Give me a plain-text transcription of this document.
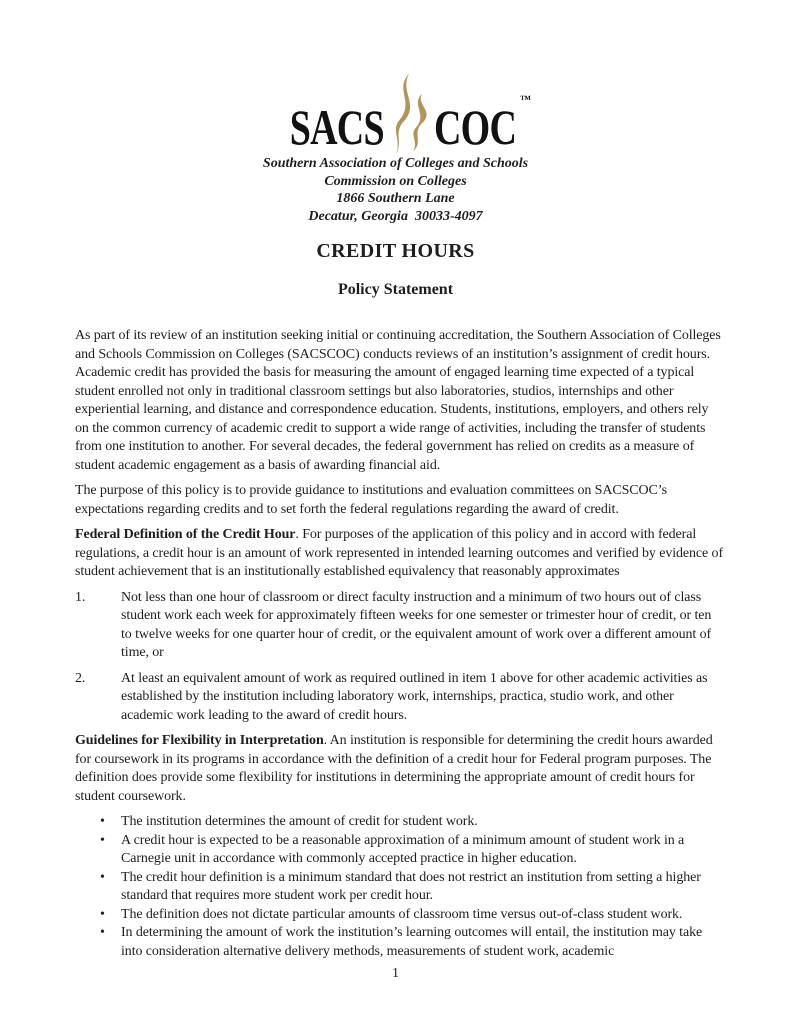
SACS COC ™
Southern Association of Colleges and Schools
Commission on Colleges
1866 Southern Lane
Decatur, Georgia  30033-4097
CREDIT HOURS
Policy Statement

As part of its review of an institution seeking initial or continuing accreditation, the Southern Association of Colleges and Schools Commission on Colleges (SACSCOC) conducts reviews of an institution’s assignment of credit hours. Academic credit has provided the basis for measuring the amount of engaged learning time expected of a typical student enrolled not only in traditional classroom settings but also laboratories, studios, internships and other experiential learning, and distance and correspondence education. Students, institutions, employers, and others rely on the common currency of academic credit to support a wide range of activities, including the transfer of students from one institution to another. For several decades, the federal government has relied on credits as a measure of student academic engagement as a basis of awarding financial aid.

The purpose of this policy is to provide guidance to institutions and evaluation committees on SACSCOC’s expectations regarding credits and to set forth the federal regulations regarding the award of credit.

Federal Definition of the Credit Hour. For purposes of the application of this policy and in accord with federal regulations, a credit hour is an amount of work represented in intended learning outcomes and verified by evidence of student achievement that is an institutionally established equivalency that reasonably approximates

1.	Not less than one hour of classroom or direct faculty instruction and a minimum of two hours out of class student work each week for approximately fifteen weeks for one semester or trimester hour of credit, or ten to twelve weeks for one quarter hour of credit, or the equivalent amount of work over a different amount of time, or
2.	At least an equivalent amount of work as required outlined in item 1 above for other academic activities as established by the institution including laboratory work, internships, practica, studio work, and other academic work leading to the award of credit hours.

Guidelines for Flexibility in Interpretation. An institution is responsible for determining the credit hours awarded for coursework in its programs in accordance with the definition of a credit hour for Federal program purposes. The definition does provide some flexibility for institutions in determining the appropriate amount of credit hours for student coursework.

•	The institution determines the amount of credit for student work.
•	A credit hour is expected to be a reasonable approximation of a minimum amount of student work in a Carnegie unit in accordance with commonly accepted practice in higher education.
•	The credit hour definition is a minimum standard that does not restrict an institution from setting a higher standard that requires more student work per credit hour.
•	The definition does not dictate particular amounts of classroom time versus out-of-class student work.
•	In determining the amount of work the institution’s learning outcomes will entail, the institution may take into consideration alternative delivery methods, measurements of student work, academic
1
